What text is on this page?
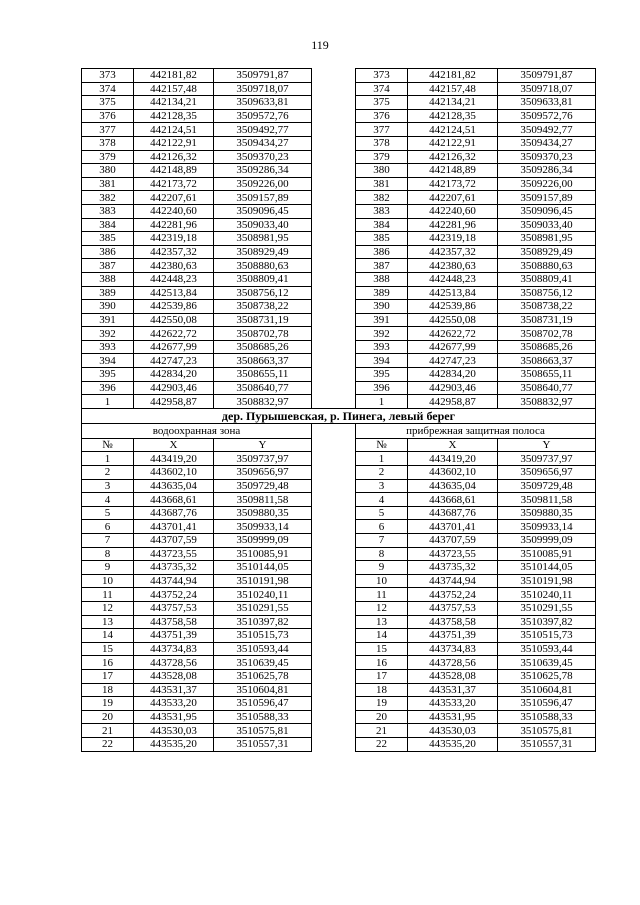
119
373	442181,82	3509791,87		373	442181,82	3509791,87
374	442157,48	3509718,07		374	442157,48	3509718,07
375	442134,21	3509633,81		375	442134,21	3509633,81
376	442128,35	3509572,76		376	442128,35	3509572,76
377	442124,51	3509492,77		377	442124,51	3509492,77
378	442122,91	3509434,27		378	442122,91	3509434,27
379	442126,32	3509370,23		379	442126,32	3509370,23
380	442148,89	3509286,34		380	442148,89	3509286,34
381	442173,72	3509226,00		381	442173,72	3509226,00
382	442207,61	3509157,89		382	442207,61	3509157,89
383	442240,60	3509096,45		383	442240,60	3509096,45
384	442281,96	3509033,40		384	442281,96	3509033,40
385	442319,18	3508981,95		385	442319,18	3508981,95
386	442357,32	3508929,49		386	442357,32	3508929,49
387	442380,63	3508880,63		387	442380,63	3508880,63
388	442448,23	3508809,41		388	442448,23	3508809,41
389	442513,84	3508756,12		389	442513,84	3508756,12
390	442539,86	3508738,22		390	442539,86	3508738,22
391	442550,08	3508731,19		391	442550,08	3508731,19
392	442622,72	3508702,78		392	442622,72	3508702,78
393	442677,99	3508685,26		393	442677,99	3508685,26
394	442747,23	3508663,37		394	442747,23	3508663,37
395	442834,20	3508655,11		395	442834,20	3508655,11
396	442903,46	3508640,77		396	442903,46	3508640,77
1	442958,87	3508832,97		1	442958,87	3508832,97
дер. Пурышевская, р. Пинега, левый берег						
водоохранная зона				прибрежная защитная полоса		
№	X	Y		№	X	Y
1	443419,20	3509737,97		1	443419,20	3509737,97
2	443602,10	3509656,97		2	443602,10	3509656,97
3	443635,04	3509729,48		3	443635,04	3509729,48
4	443668,61	3509811,58		4	443668,61	3509811,58
5	443687,76	3509880,35		5	443687,76	3509880,35
6	443701,41	3509933,14		6	443701,41	3509933,14
7	443707,59	3509999,09		7	443707,59	3509999,09
8	443723,55	3510085,91		8	443723,55	3510085,91
9	443735,32	3510144,05		9	443735,32	3510144,05
10	443744,94	3510191,98		10	443744,94	3510191,98
11	443752,24	3510240,11		11	443752,24	3510240,11
12	443757,53	3510291,55		12	443757,53	3510291,55
13	443758,58	3510397,82		13	443758,58	3510397,82
14	443751,39	3510515,73		14	443751,39	3510515,73
15	443734,83	3510593,44		15	443734,83	3510593,44
16	443728,56	3510639,45		16	443728,56	3510639,45
17	443528,08	3510625,78		17	443528,08	3510625,78
18	443531,37	3510604,81		18	443531,37	3510604,81
19	443533,20	3510596,47		19	443533,20	3510596,47
20	443531,95	3510588,33		20	443531,95	3510588,33
21	443530,03	3510575,81		21	443530,03	3510575,81
22	443535,20	3510557,31		22	443535,20	3510557,31
